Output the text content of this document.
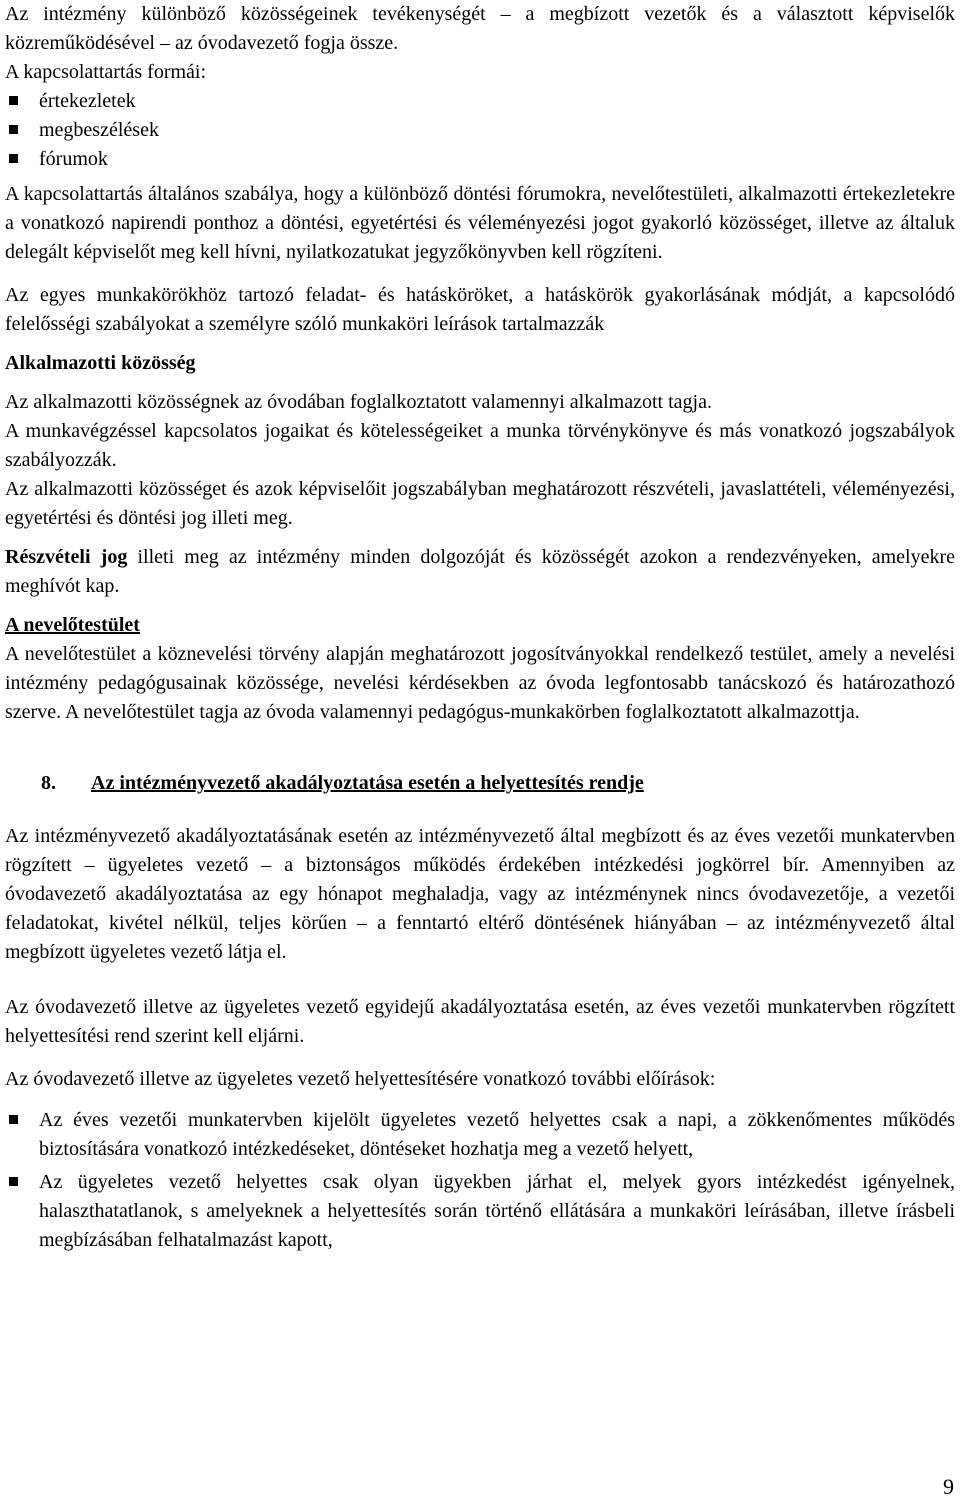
Az intézmény különböző közösségeinek tevékenységét – a megbízott vezetők és a választott képviselők közreműködésével – az óvodavezető fogja össze.

A kapcsolattartás formái:

értekezletek
megbeszélések
fórumok

A kapcsolattartás általános szabálya, hogy a különböző döntési fórumokra, nevelőtestületi, alkalmazotti értekezletekre a vonatkozó napirendi ponthoz a döntési, egyetértési és véleményezési jogot gyakorló közösséget, illetve az általuk delegált képviselőt meg kell hívni, nyilatkozatukat jegyzőkönyvben kell rögzíteni.

Az egyes munkakörökhöz tartozó feladat- és hatásköröket, a hatáskörök gyakorlásának módját, a kapcsolódó felelősségi szabályokat a személyre szóló munkaköri leírások tartalmazzák

Alkalmazotti közösség

Az alkalmazotti közösségnek az óvodában foglalkoztatott valamennyi alkalmazott tagja.

A munkavégzéssel kapcsolatos jogaikat és kötelességeiket a munka törvénykönyve és más vonatkozó jogszabályok szabályozzák.

Az alkalmazotti közösséget és azok képviselőit jogszabályban meghatározott részvételi, javaslattételi, véleményezési, egyetértési és döntési jog illeti meg.

Részvételi jog illeti meg az intézmény minden dolgozóját és közösségét azokon a rendezvényeken, amelyekre meghívót kap.

A nevelőtestület

A nevelőtestület a köznevelési törvény alapján meghatározott jogosítványokkal rendelkező testület, amely a nevelési intézmény pedagógusainak közössége, nevelési kérdésekben az óvoda legfontosabb tanácskozó és határozathozó szerve. A nevelőtestület tagja az óvoda valamennyi pedagógus-munkakörben foglalkoztatott alkalmazottja.

8. Az intézményvezető akadályoztatása esetén a helyettesítés rendje

Az intézményvezető akadályoztatásának esetén az intézményvezető által megbízott és az éves vezetői munkatervben rögzített – ügyeletes vezető – a biztonságos működés érdekében intézkedési jogkörrel bír. Amennyiben az óvodavezető akadályoztatása az egy hónapot meghaladja, vagy az intézménynek nincs óvodavezetője, a vezetői feladatokat, kivétel nélkül, teljes körűen – a fenntartó eltérő döntésének hiányában – az intézményvezető által megbízott ügyeletes vezető látja el.

Az óvodavezető illetve az ügyeletes vezető egyidejű akadályoztatása esetén, az éves vezetői munkatervben rögzített helyettesítési rend szerint kell eljárni.

Az óvodavezető illetve az ügyeletes vezető helyettesítésére vonatkozó további előírások:

Az éves vezetői munkatervben kijelölt ügyeletes vezető helyettes csak a napi, a zökkenőmentes működés biztosítására vonatkozó intézkedéseket, döntéseket hozhatja meg a vezető helyett,
Az ügyeletes vezető helyettes csak olyan ügyekben járhat el, melyek gyors intézkedést igényelnek, halaszthatatlanok, s amelyeknek a helyettesítés során történő ellátására a munkaköri leírásában, illetve írásbeli megbízásában felhatalmazást kapott,
9
